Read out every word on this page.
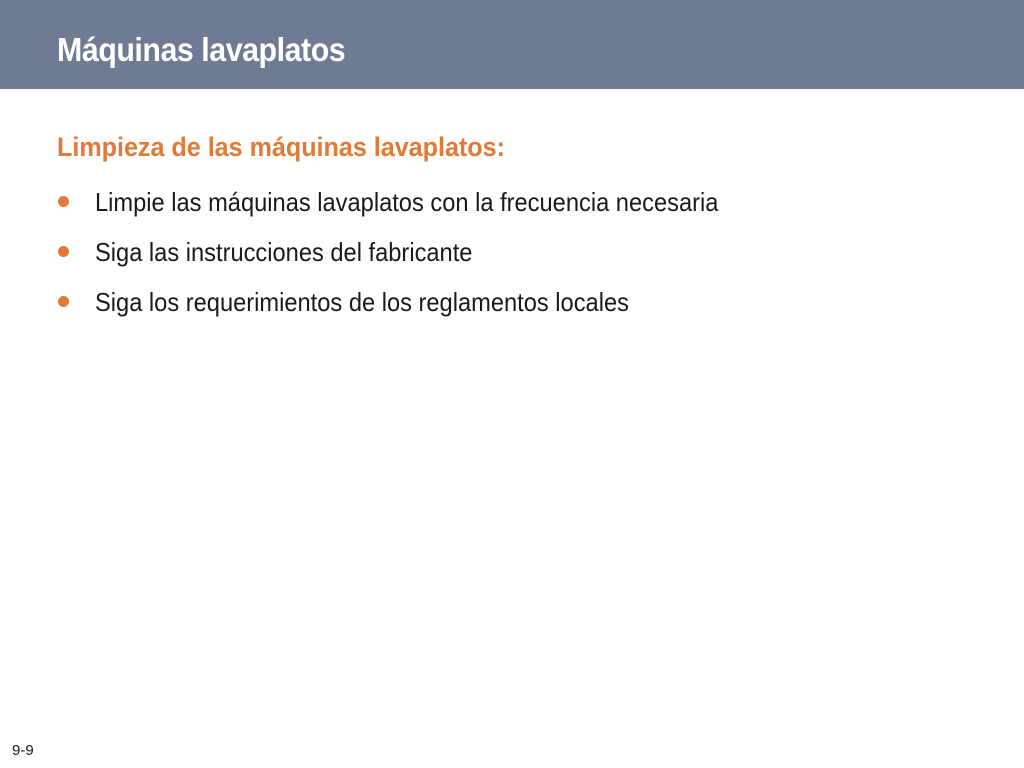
Máquinas lavaplatos
Limpieza de las máquinas lavaplatos:
Limpie las máquinas lavaplatos con la frecuencia necesaria
Siga las instrucciones del fabricante
Siga los requerimientos de los reglamentos locales
9-9
